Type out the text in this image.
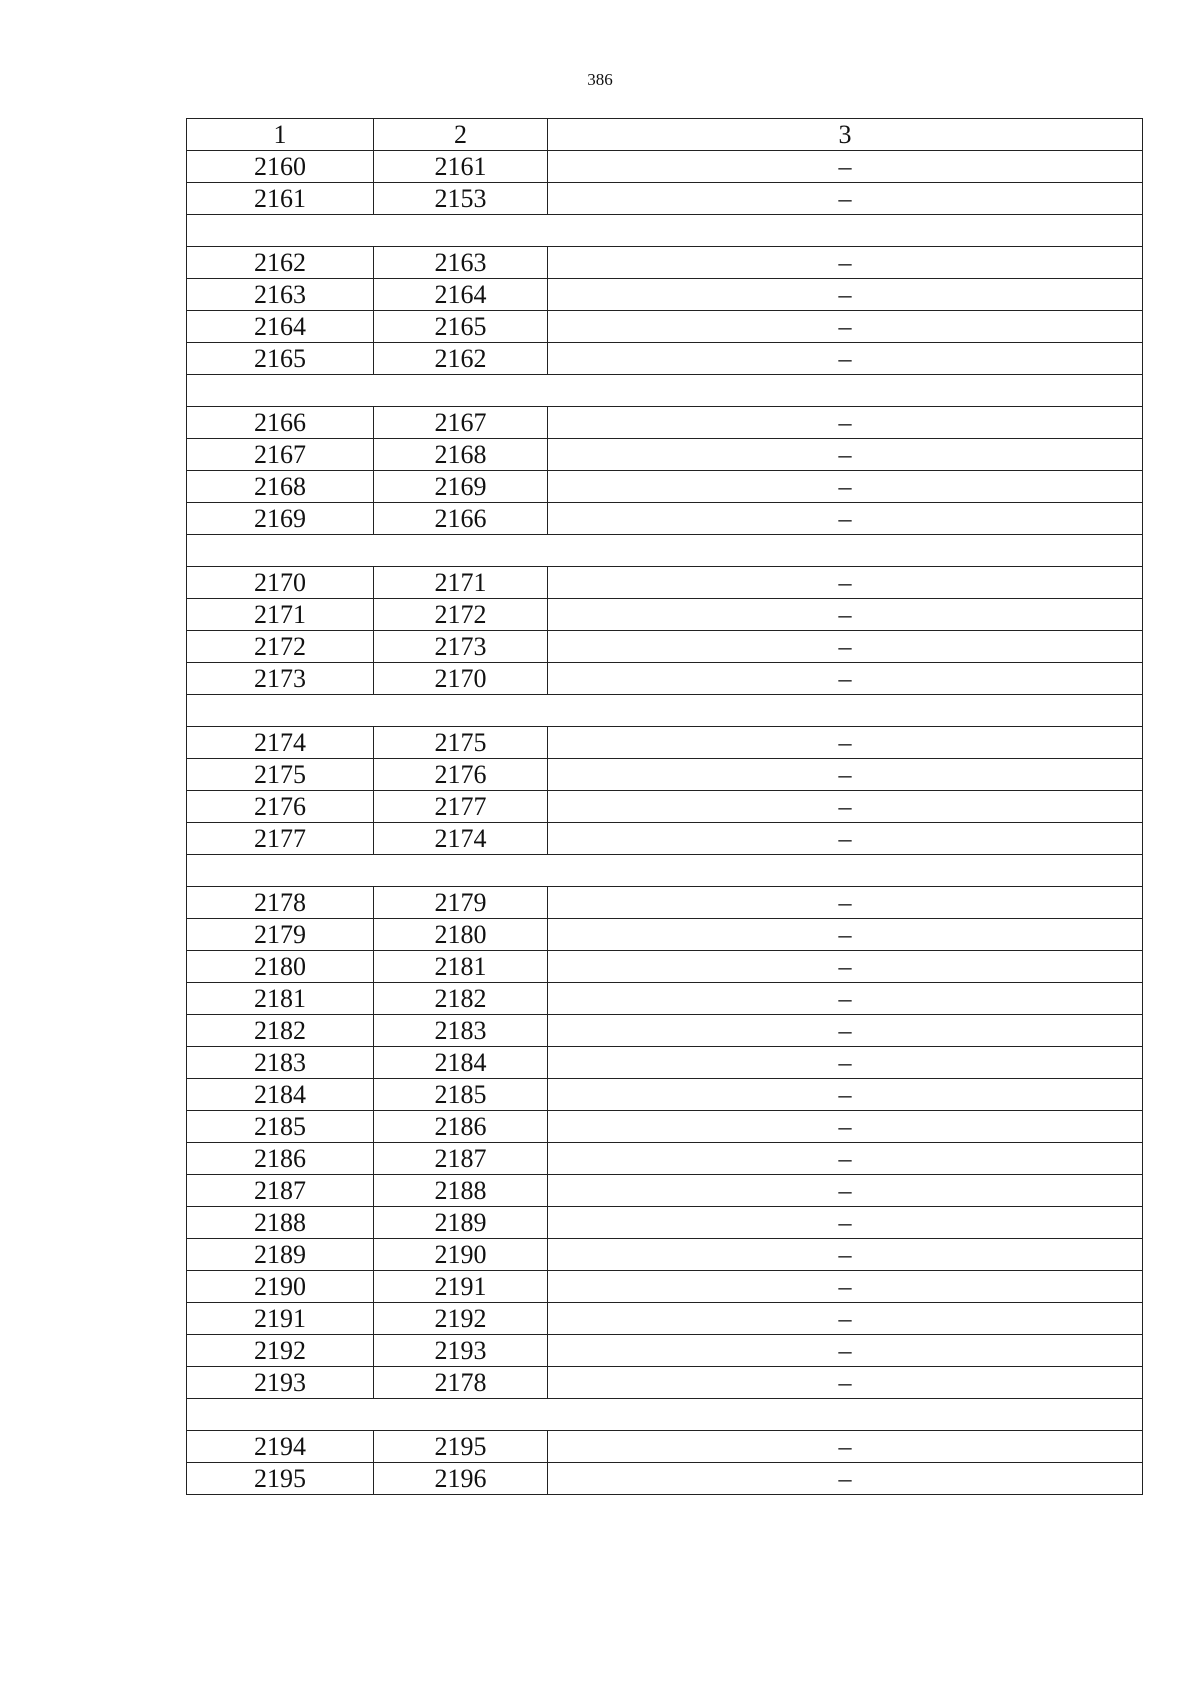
386
1	2	3
2160	2161	–
2161	2153	–

2162	2163	–
2163	2164	–
2164	2165	–
2165	2162	–

2166	2167	–
2167	2168	–
2168	2169	–
2169	2166	–

2170	2171	–
2171	2172	–
2172	2173	–
2173	2170	–

2174	2175	–
2175	2176	–
2176	2177	–
2177	2174	–

2178	2179	–
2179	2180	–
2180	2181	–
2181	2182	–
2182	2183	–
2183	2184	–
2184	2185	–
2185	2186	–
2186	2187	–
2187	2188	–
2188	2189	–
2189	2190	–
2190	2191	–
2191	2192	–
2192	2193	–
2193	2178	–

2194	2195	–
2195	2196	–
